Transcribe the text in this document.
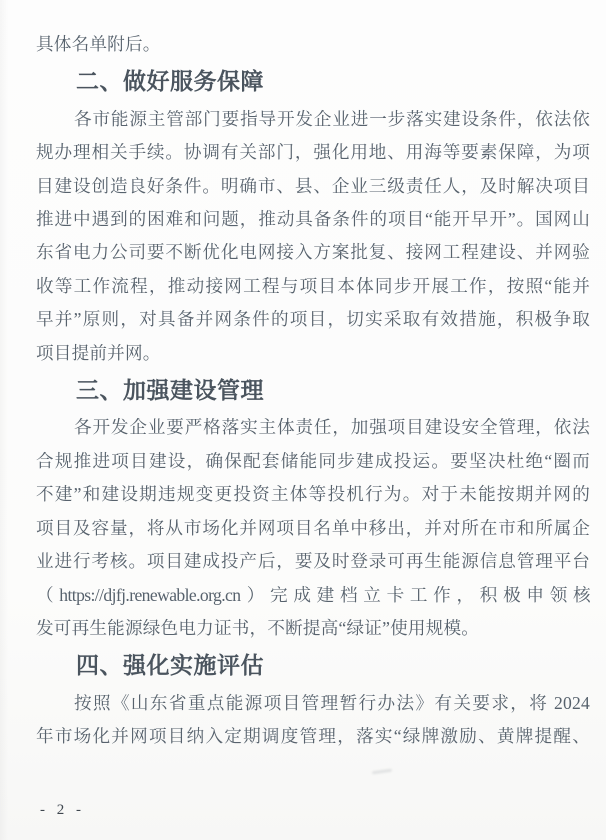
具体名单附后。
二、做好服务保障
各市能源主管部门要指导开发企业进一步落实建设条件，依法依
规办理相关手续。协调有关部门，强化用地、用海等要素保障，为项
目建设创造良好条件。明确市、县、企业三级责任人，及时解决项目
推进中遇到的困难和问题，推动具备条件的项目“能开早开”。国网山
东省电力公司要不断优化电网接入方案批复、接网工程建设、并网验
收等工作流程，推动接网工程与项目本体同步开展工作，按照“能并
早并”原则，对具备并网条件的项目，切实采取有效措施，积极争取
项目提前并网。
三、加强建设管理
各开发企业要严格落实主体责任，加强项目建设安全管理，依法
合规推进项目建设，确保配套储能同步建成投运。要坚决杜绝“圈而
不建”和建设期违规变更投资主体等投机行为。对于未能按期并网的
项目及容量，将从市场化并网项目名单中移出，并对所在市和所属企
业进行考核。项目建成投产后，要及时登录可再生能源信息管理平台
（https://djfj.renewable.org.cn）完成建档立卡工作，积极申领核
发可再生能源绿色电力证书，不断提高“绿证”使用规模。
四、强化实施评估
按照《山东省重点能源项目管理暂行办法》有关要求，将 2024
年市场化并网项目纳入定期调度管理，落实“绿牌激励、黄牌提醒、
- 2 -
